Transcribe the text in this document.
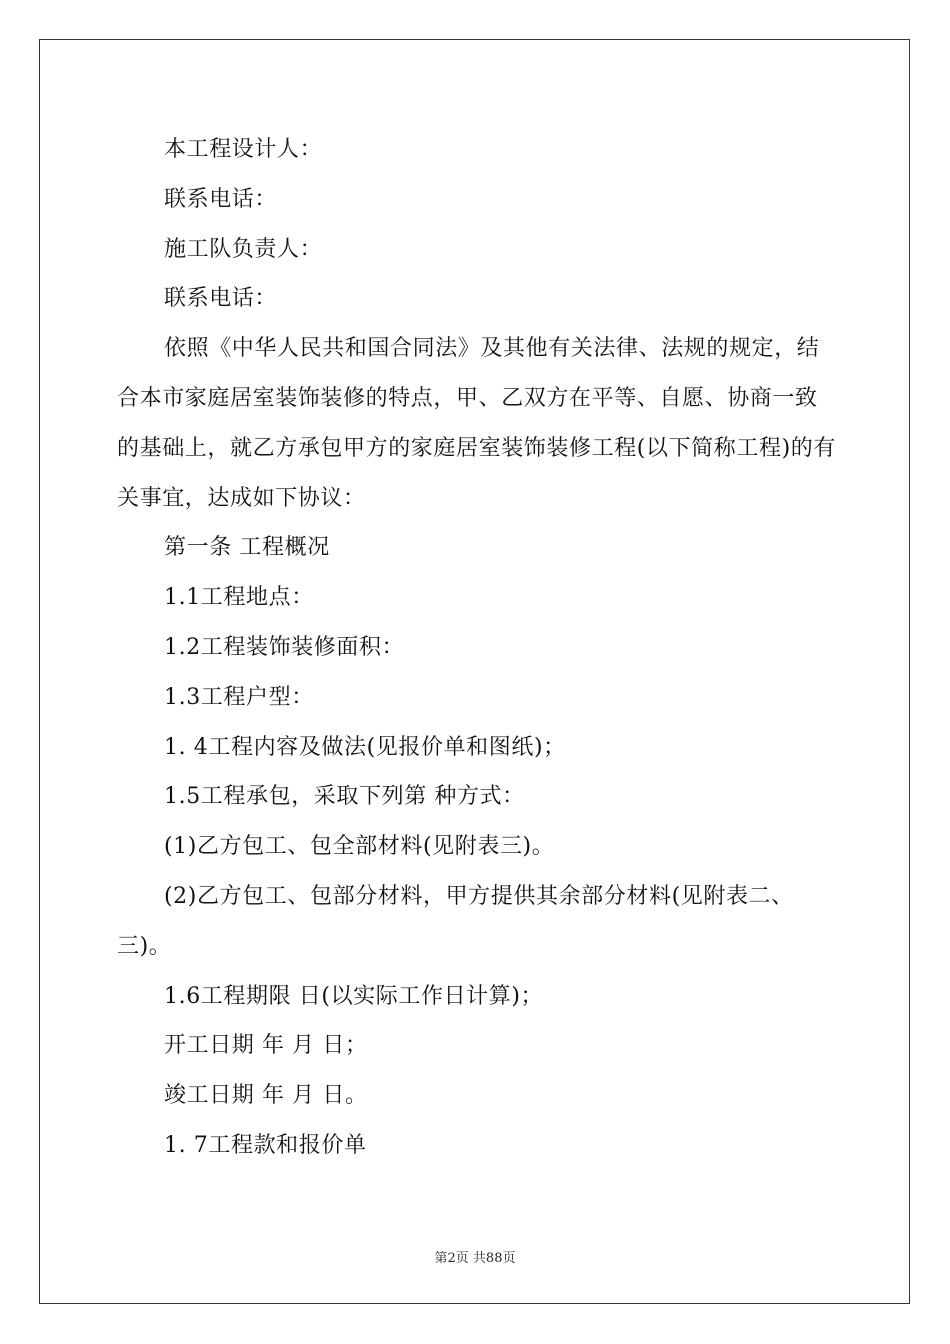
本工程设计人：

联系电话：

施工队负责人：

联系电话：

依照《中华人民共和国合同法》及其他有关法律、法规的规定，结合本市家庭居室装饰装修的特点，甲、乙双方在平等、自愿、协商一致的基础上，就乙方承包甲方的家庭居室装饰装修工程(以下简称工程)的有关事宜，达成如下协议：

第一条 工程概况

1.1工程地点：

1.2工程装饰装修面积：

1.3工程户型：

1. 4工程内容及做法(见报价单和图纸)；

1.5工程承包，采取下列第 种方式：

(1)乙方包工、包全部材料(见附表三)。

(2)乙方包工、包部分材料，甲方提供其余部分材料(见附表二、三)。

1.6工程期限 日(以实际工作日计算)；

开工日期 年 月 日；

竣工日期 年 月 日。

1. 7工程款和报价单

第2页 共88页
